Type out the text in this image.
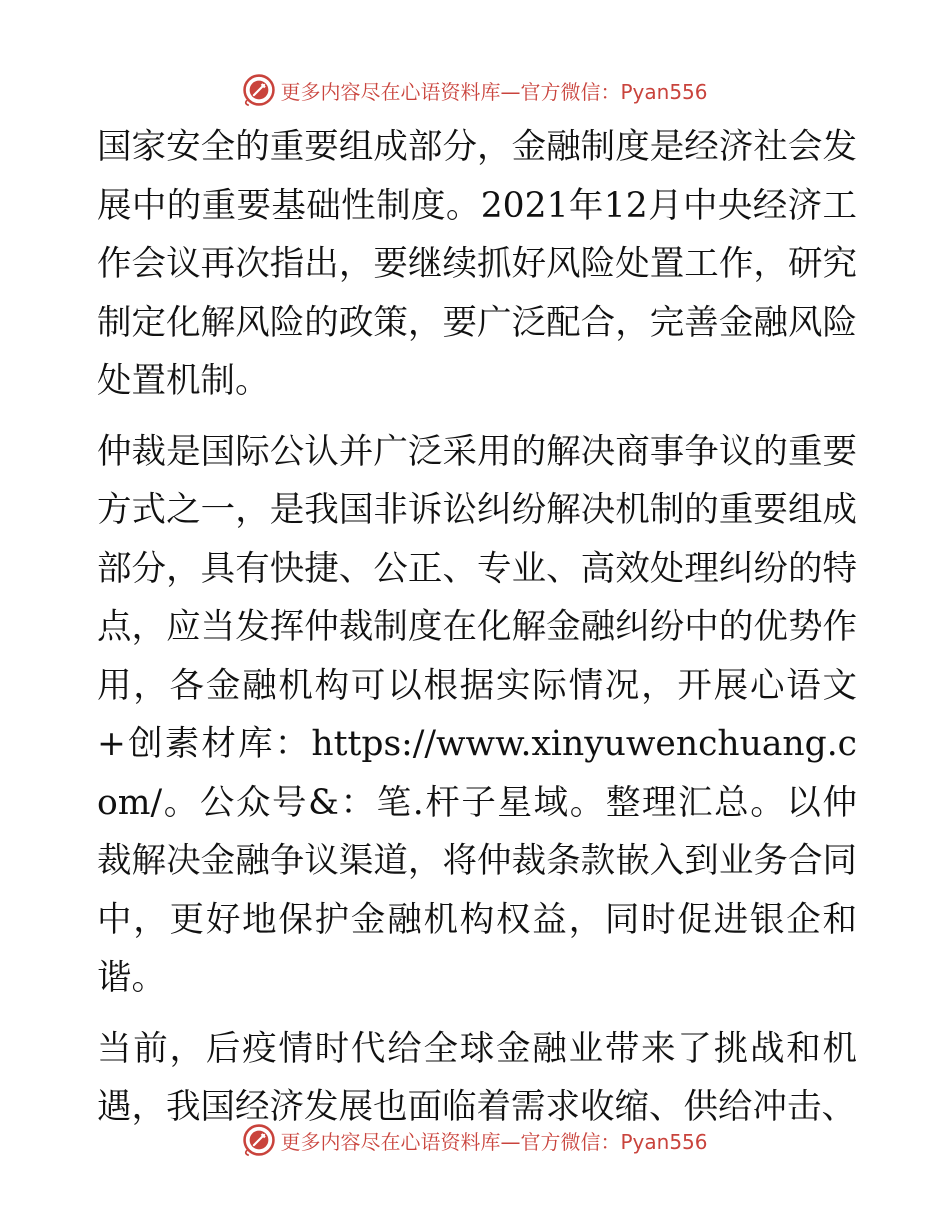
更多内容尽在心语资料库—官方微信：Pyan556

国家安全的重要组成部分，金融制度是经济社会发展中的重要基础性制度。2021年12月中央经济工作会议再次指出，要继续抓好风险处置工作，研究制定化解风险的政策，要广泛配合，完善金融风险处置机制。

仲裁是国际公认并广泛采用的解决商事争议的重要方式之一，是我国非诉讼纠纷解决机制的重要组成部分，具有快捷、公正、专业、高效处理纠纷的特点，应当发挥仲裁制度在化解金融纠纷中的优势作用，各金融机构可以根据实际情况，开展心语文+创素材库：https://www.xinyuwenchuang.com/。公众号&：笔.杆子星域。整理汇总。以仲裁解决金融争议渠道，将仲裁条款嵌入到业务合同中，更好地保护金融机构权益，同时促进银企和谐。

当前，后疫情时代给全球金融业带来了挑战和机遇，我国经济发展也面临着需求收缩、供给冲击、

更多内容尽在心语资料库—官方微信：Pyan556
